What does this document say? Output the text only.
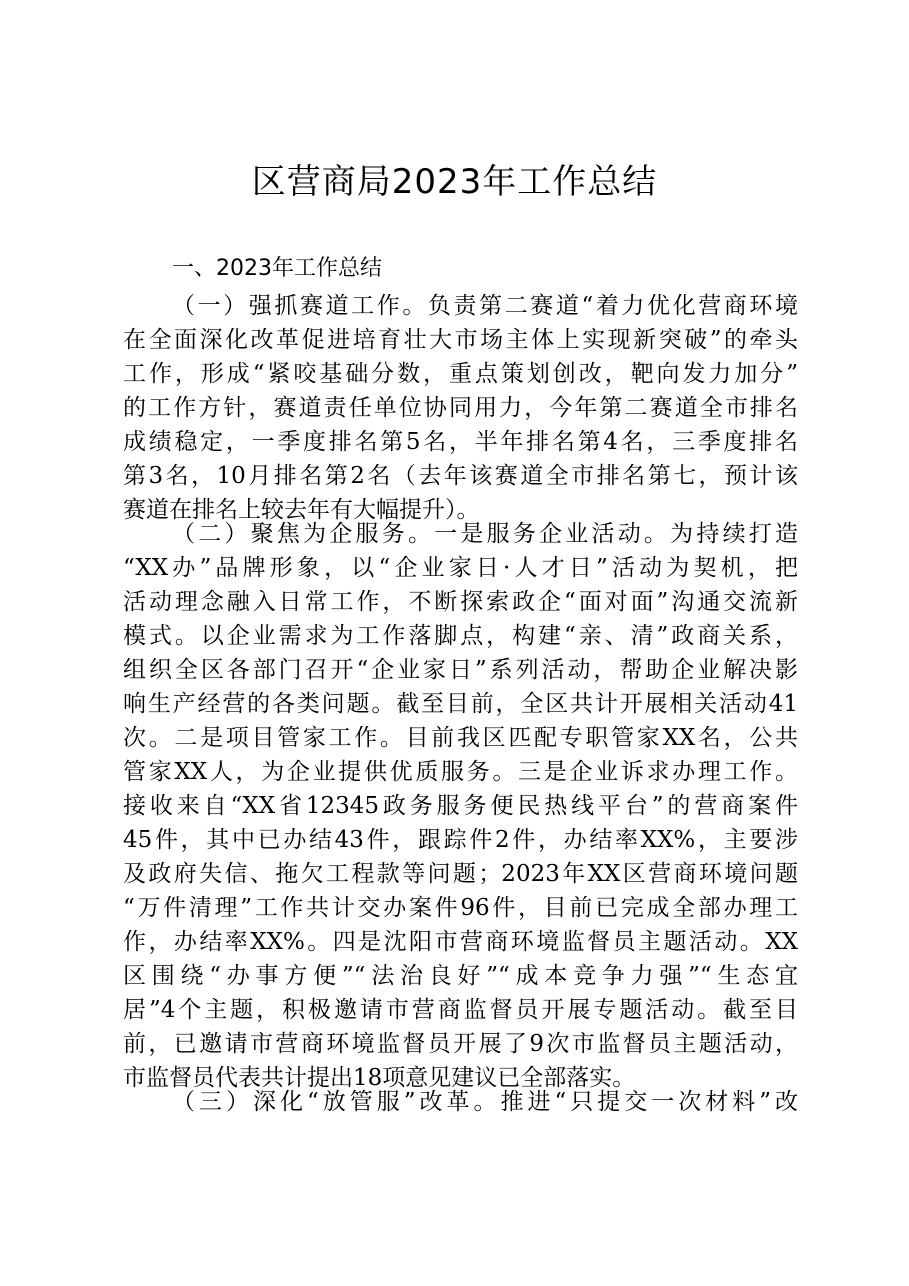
区营商局2023年工作总结
一、2023年工作总结
（一）强抓赛道工作。负责第二赛道“着力优化营商环境
在全面深化改革促进培育壮大市场主体上实现新突破”的牵头
工作，形成“紧咬基础分数，重点策划创改，靶向发力加分”
的工作方针，赛道责任单位协同用力，今年第二赛道全市排名
成绩稳定，一季度排名第5名，半年排名第4名，三季度排名
第3名，10月排名第2名（去年该赛道全市排名第七，预计该
赛道在排名上较去年有大幅提升）。
（二）聚焦为企服务。一是服务企业活动。为持续打造
“XX办”品牌形象，以“企业家日·人才日”活动为契机，把
活动理念融入日常工作，不断探索政企“面对面”沟通交流新
模式。以企业需求为工作落脚点，构建“亲、清”政商关系，
组织全区各部门召开“企业家日”系列活动，帮助企业解决影
响生产经营的各类问题。截至目前，全区共计开展相关活动41
次。二是项目管家工作。目前我区匹配专职管家XX名，公共
管家XX人，为企业提供优质服务。三是企业诉求办理工作。
接收来自“XX省12345政务服务便民热线平台”的营商案件
45件，其中已办结43件，跟踪件2件，办结率XX%，主要涉
及政府失信、拖欠工程款等问题；2023年XX区营商环境问题
“万件清理”工作共计交办案件96件，目前已完成全部办理工
作，办结率XX%。四是沈阳市营商环境监督员主题活动。XX
区围绕“办事方便”“法治良好”“成本竞争力强”“生态宜
居”4个主题，积极邀请市营商监督员开展专题活动。截至目
前，已邀请市营商环境监督员开展了9次市监督员主题活动，
市监督员代表共计提出18项意见建议已全部落实。
（三）深化“放管服”改革。推进“只提交一次材料”改
